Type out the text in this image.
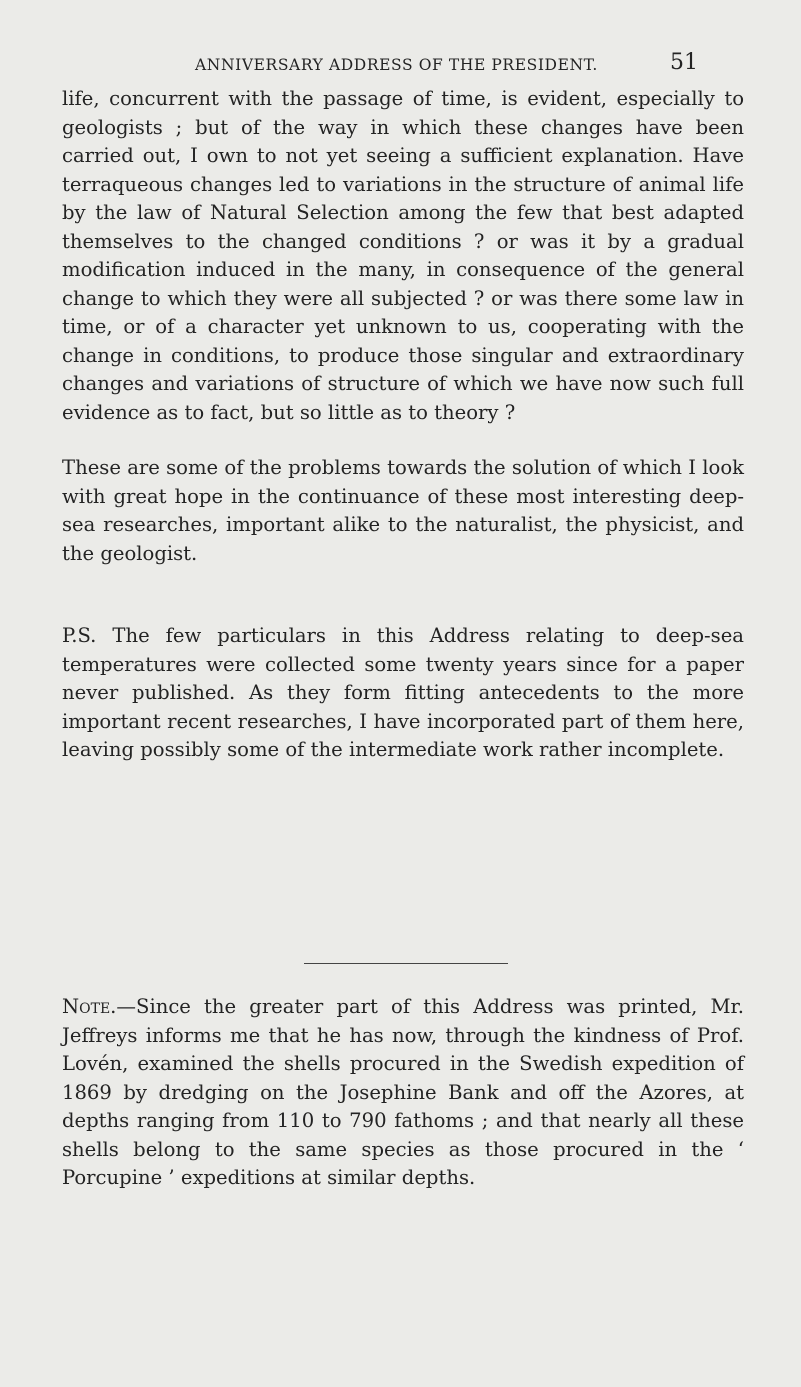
ANNIVERSARY ADDRESS OF THE PRESIDENT.	51

life, concurrent with the passage of time, is evident, especially to geologists ; but of the way in which these changes have been carried out, I own to not yet seeing a sufficient explanation. Have terraqueous changes led to variations in the structure of animal life by the law of Natural Selection among the few that best adapted themselves to the changed conditions ? or was it by a gradual modification induced in the many, in consequence of the general change to which they were all subjected ? or was there some law in time, or of a character yet unknown to us, cooperating with the change in conditions, to produce those singular and extraordinary changes and variations of structure of which we have now such full evidence as to fact, but so little as to theory ?

These are some of the problems towards the solution of which I look with great hope in the continuance of these most interesting deep-sea researches, important alike to the naturalist, the physicist, and the geologist.

P.S. The few particulars in this Address relating to deep-sea temperatures were collected some twenty years since for a paper never published. As they form fitting antecedents to the more important recent researches, I have incorporated part of them here, leaving possibly some of the intermediate work rather incomplete.

Note.—Since the greater part of this Address was printed, Mr. Jeffreys informs me that he has now, through the kindness of Prof. Lovén, examined the shells procured in the Swedish expedition of 1869 by dredging on the Josephine Bank and off the Azores, at depths ranging from 110 to 790 fathoms ; and that nearly all these shells belong to the same species as those procured in the ‘ Porcupine ’ expeditions at similar depths.
